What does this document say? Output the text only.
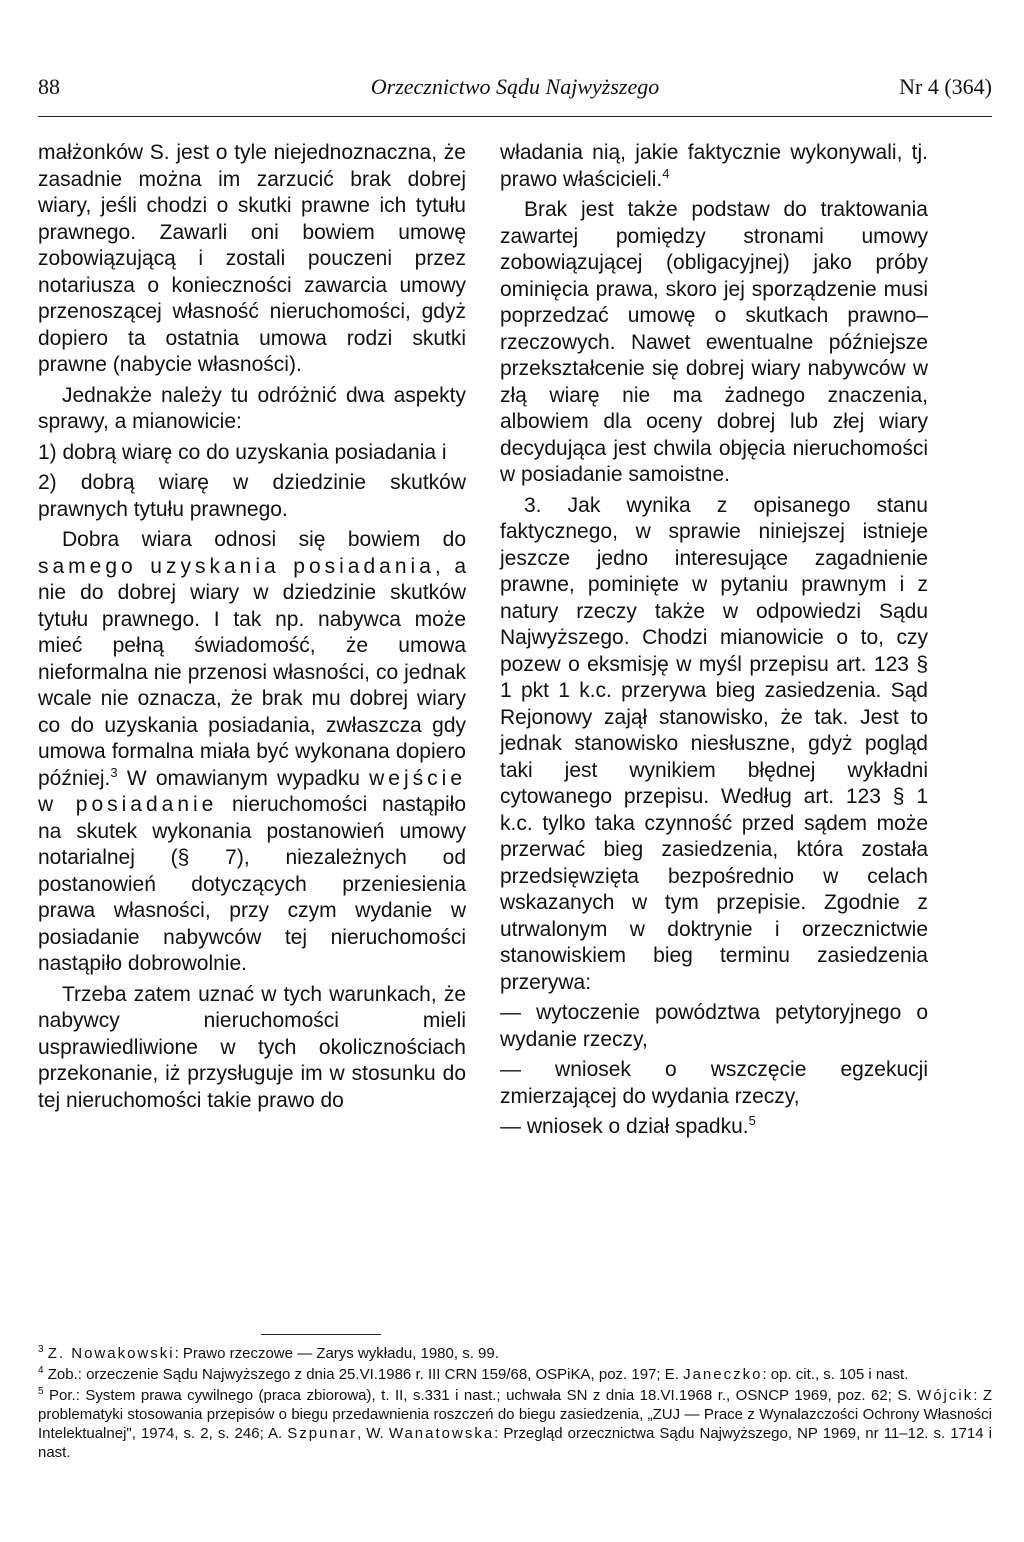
88	Orzecznictwo Sądu Najwyższego	Nr 4 (364)

małżonków S. jest o tyle niejednoznaczna, że zasadnie można im zarzucić brak dobrej wiary, jeśli chodzi o skutki prawne ich tytułu prawnego. Zawarli oni bowiem umowę zobowiązującą i zostali pouczeni przez notariusza o konieczności zawarcia umowy przenoszącej własność nieruchomości, gdyż dopiero ta ostatnia umowa rodzi skutki prawne (nabycie własności).

Jednakże należy tu odróżnić dwa aspekty sprawy, a mianowicie:

1) dobrą wiarę co do uzyskania posiadania i

2) dobrą wiarę w dziedzinie skutków prawnych tytułu prawnego.

Dobra wiara odnosi się bowiem do samego uzyskania posiadania, a nie do dobrej wiary w dziedzinie skutków tytułu prawnego. I tak np. nabywca może mieć pełną świadomość, że umowa nieformalna nie przenosi własności, co jednak wcale nie oznacza, że brak mu dobrej wiary co do uzyskania posiadania, zwłaszcza gdy umowa formalna miała być wykonana dopiero później.$^3$ W omawianym wypadku wejście w posiadanie nieruchomości nastąpiło na skutek wykonania postanowień umowy notarialnej (§ 7), niezależnych od postanowień dotyczących przeniesienia prawa własności, przy czym wydanie w posiadanie nabywców tej nieruchomości nastąpiło dobrowolnie.

Trzeba zatem uznać w tych warunkach, że nabywcy nieruchomości mieli usprawiedliwione w tych okolicznościach przekonanie, iż przysługuje im w stosunku do tej nieruchomości takie prawo do

władania nią, jakie faktycznie wykonywali, tj. prawo właścicieli.$^4$

Brak jest także podstaw do traktowania zawartej pomiędzy stronami umowy zobowiązującej (obligacyjnej) jako próby ominięcia prawa, skoro jej sporządzenie musi poprzedzać umowę o skutkach prawno–rzeczowych. Nawet ewentualne późniejsze przekształcenie się dobrej wiary nabywców w złą wiarę nie ma żadnego znaczenia, albowiem dla oceny dobrej lub złej wiary decydująca jest chwila objęcia nieruchomości w posiadanie samoistne.

3. Jak wynika z opisanego stanu faktycznego, w sprawie niniejszej istnieje jeszcze jedno interesujące zagadnienie prawne, pominięte w pytaniu prawnym i z natury rzeczy także w odpowiedzi Sądu Najwyższego. Chodzi mianowicie o to, czy pozew o eksmisję w myśl przepisu art. 123 § 1 pkt 1 k.c. przerywa bieg zasiedzenia. Sąd Rejonowy zajął stanowisko, że tak. Jest to jednak stanowisko niesłuszne, gdyż pogląd taki jest wynikiem błędnej wykładni cytowanego przepisu. Według art. 123 § 1 k.c. tylko taka czynność przed sądem może przerwać bieg zasiedzenia, która została przedsięwzięta bezpośrednio w celach wskazanych w tym przepisie. Zgodnie z utrwalonym w doktrynie i orzecznictwie stanowiskiem bieg terminu zasiedzenia przerywa:

— wytoczenie powództwa petytoryjnego o wydanie rzeczy,

— wniosek o wszczęcie egzekucji zmierzającej do wydania rzeczy,

— wniosek o dział spadku.$^5$

$^3$ Z. Nowakowski: Prawo rzeczowe — Zarys wykładu, 1980, s. 99.

$^4$ Zob.: orzeczenie Sądu Najwyższego z dnia 25.VI.1986 r. III CRN 159/68, OSPiKA, poz. 197; E. Janeczko: op. cit., s. 105 i nast.

$^5$ Por.: System prawa cywilnego (praca zbiorowa), t. II, s.331 i nast.; uchwała SN z dnia 18.VI.1968 r., OSNCP 1969, poz. 62; S. Wójcik: Z problematyki stosowania przepisów o biegu przedawnienia roszczeń do biegu zasiedzenia, „ZUJ — Prace z Wynalazczości Ochrony Własności Intelektualnej", 1974, s. 2, s. 246; A. Szpunar, W. Wanatowska: Przegląd orzecznictwa Sądu Najwyższego, NP 1969, nr 11–12. s. 1714 i nast.
